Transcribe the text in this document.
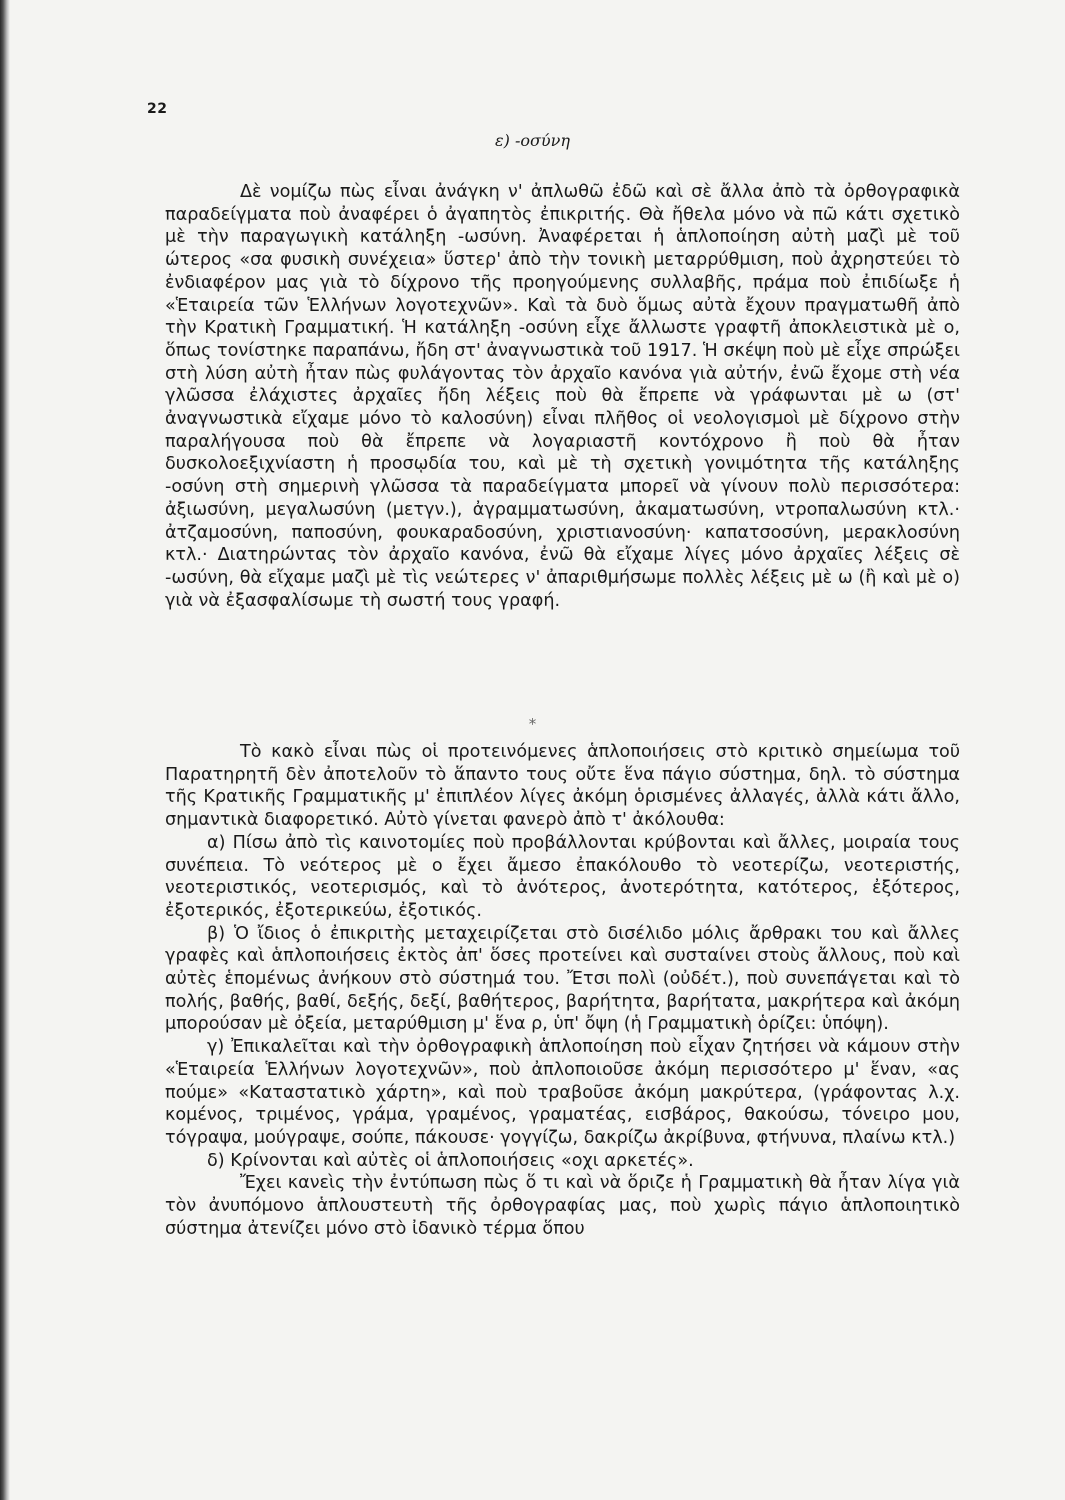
22
ε) -οσύνη

Δὲ νομίζω πὼς εἶναι ἀνάγκη ν' ἀπλωθῶ ἐδῶ καὶ σὲ ἄλλα ἀπὸ τὰ ὀρθογραφικὰ παραδείγματα ποὺ ἀναφέρει ὁ ἀγαπητὸς ἐπικριτής. Θὰ ἤθελα μόνο νὰ πῶ κάτι σχετικὸ μὲ τὴν παραγωγικὴ κατάληξη -ωσύνη. Ἀναφέρεται ἡ ἁπλοποίηση αὐτὴ μαζὶ μὲ τοῦ ώτερος «σα φυσικὴ συνέχεια» ὕστερ' ἀπὸ τὴν τονικὴ μεταρρύθμιση, ποὺ ἀχρηστεύει τὸ ἐνδιαφέρον μας γιὰ τὸ δίχρονο τῆς προηγούμενης συλλαβῆς, πράμα ποὺ ἐπιδίωξε ἡ «Ἑταιρεία τῶν Ἑλλήνων λογοτεχνῶν». Καὶ τὰ δυὸ ὅμως αὐτὰ ἔχουν πραγματωθῆ ἀπὸ τὴν Κρατικὴ Γραμματική. Ἡ κατάληξη -οσύνη εἶχε ἄλλωστε γραφτῆ ἀποκλειστικὰ μὲ ο, ὅπως τονίστηκε παραπάνω, ἤδη στ' ἀναγνωστικὰ τοῦ 1917. Ἡ σκέψη ποὺ μὲ εἶχε σπρώξει στὴ λύση αὐτὴ ἦταν πὼς φυλάγοντας τὸν ἀρχαῖο κανόνα γιὰ αὐτήν, ἐνῶ ἔχομε στὴ νέα γλῶσσα ἐλάχιστες ἀρχαῖες ἤδη λέξεις ποὺ θὰ ἔπρεπε νὰ γράφωνται μὲ ω (στ' ἀναγνωστικὰ εἴχαμε μόνο τὸ καλοσύνη) εἶναι πλῆθος οἱ νεολογισμοὶ μὲ δίχρονο στὴν παραλήγουσα ποὺ θὰ ἔπρεπε νὰ λογαριαστῆ κοντόχρονο ἢ ποὺ θὰ ἦταν δυσκολοεξιχνίαστη ἡ προσῳδία του, καὶ μὲ τὴ σχετικὴ γονιμότητα τῆς κατάληξης -οσύνη στὴ σημερινὴ γλῶσσα τὰ παραδείγματα μπορεῖ νὰ γίνουν πολὺ περισσότερα: ἀξιωσύνη, μεγαλωσύνη (μετγν.), ἀγραμματωσύνη, ἀκαματωσύνη, ντροπαλωσύνη κτλ.· ἀτζαμοσύνη, παποσύνη, φουκαραδοσύνη, χριστιανοσύνη· καπατσοσύνη, μερακλοσύνη κτλ.· Διατηρώντας τὸν ἀρχαῖο κανόνα, ἐνῶ θὰ εἴχαμε λίγες μόνο ἀρχαῖες λέξεις σὲ -ωσύνη, θὰ εἴχαμε μαζὶ μὲ τὶς νεώτερες ν' ἀπαριθμήσωμε πολλὲς λέξεις μὲ ω (ἢ καὶ μὲ ο) γιὰ νὰ ἐξασφαλίσωμε τὴ σωστή τους γραφή.

*

Τὸ κακὸ εἶναι πὼς οἱ προτεινόμενες ἁπλοποιήσεις στὸ κριτικὸ σημείωμα τοῦ Παρατηρητῆ δὲν ἀποτελοῦν τὸ ἅπαντο τους οὔτε ἕνα πάγιο σύστημα, δηλ. τὸ σύστημα τῆς Κρατικῆς Γραμματικῆς μ' ἐπιπλέον λίγες ἀκόμη ὁρισμένες ἀλλαγές, ἀλλὰ κάτι ἄλλο, σημαντικὰ διαφορετικό. Αὐτὸ γίνεται φανερὸ ἀπὸ τ' ἀκόλουθα:

α) Πίσω ἀπὸ τὶς καινοτομίες ποὺ προβάλλονται κρύβονται καὶ ἄλλες, μοιραία τους συνέπεια. Τὸ νεότερος μὲ ο ἔχει ἄμεσο ἐπακόλουθο τὸ νεοτερίζω, νεοτεριστής, νεοτεριστικός, νεοτερισμός, καὶ τὸ ἀνότερος, ἀνοτερότητα, κατότερος, ἐξότερος, ἐξοτερικός, ἐξοτερικεύω, ἐξοτικός.

β) Ὁ ἴδιος ὁ ἐπικριτὴς μεταχειρίζεται στὸ δισέλιδο μόλις ἄρθρακι του καὶ ἄλλες γραφὲς καὶ ἁπλοποιήσεις ἐκτὸς ἀπ' ὅσες προτείνει καὶ συσταίνει στοὺς ἄλλους, ποὺ καὶ αὐτὲς ἑπομένως ἀνήκουν στὸ σύστημά του. Ἔτσι πολὶ (οὐδέτ.), ποὺ συνεπάγεται καὶ τὸ πολής, βαθής, βαθί, δεξής, δεξί, βαθήτερος, βαρήτητα, βαρήτατα, μακρήτερα καὶ ἀκόμη μπορούσαν μὲ ὀξεία, μεταρύθμιση μ' ἕνα ρ, ὑπ' ὄψη (ἡ Γραμματικὴ ὁρίζει: ὑπόψη).

γ) Ἐπικαλεῖται καὶ τὴν ὀρθογραφικὴ ἁπλοποίηση ποὺ εἶχαν ζητήσει νὰ κάμουν στὴν «Ἑταιρεία Ἑλλήνων λογοτεχνῶν», ποὺ ἀπλοποιοῦσε ἀκόμη περισσότερο μ' ἕναν, «ας πούμε» «Καταστατικὸ χάρτη», καὶ ποὺ τραβοῦσε ἀκόμη μακρύτερα, (γράφοντας λ.χ. κομένος, τριμένος, γράμα, γραμένος, γραματέας, εισβάρος, θακούσω, τόνειρο μου, τόγραψα, μούγραψε, σούπε, πάκουσε· γογγίζω, δακρίζω ἀκρίβυνα, φτήνυνα, πλαίνω κτλ.)

δ) Κρίνονται καὶ αὐτὲς οἱ ἁπλοποιήσεις «οχι αρκετές».

Ἔχει κανεὶς τὴν ἐντύπωση πὼς ὅ τι καὶ νὰ ὅριζε ἡ Γραμματικὴ θὰ ἦταν λίγα γιὰ τὸν ἀνυπόμονο ἁπλουστευτὴ τῆς ὀρθογραφίας μας, ποὺ χωρὶς πάγιο ἁπλοποιητικὸ σύστημα ἀτενίζει μόνο στὸ ἰδανικὸ τέρμα ὅπου
